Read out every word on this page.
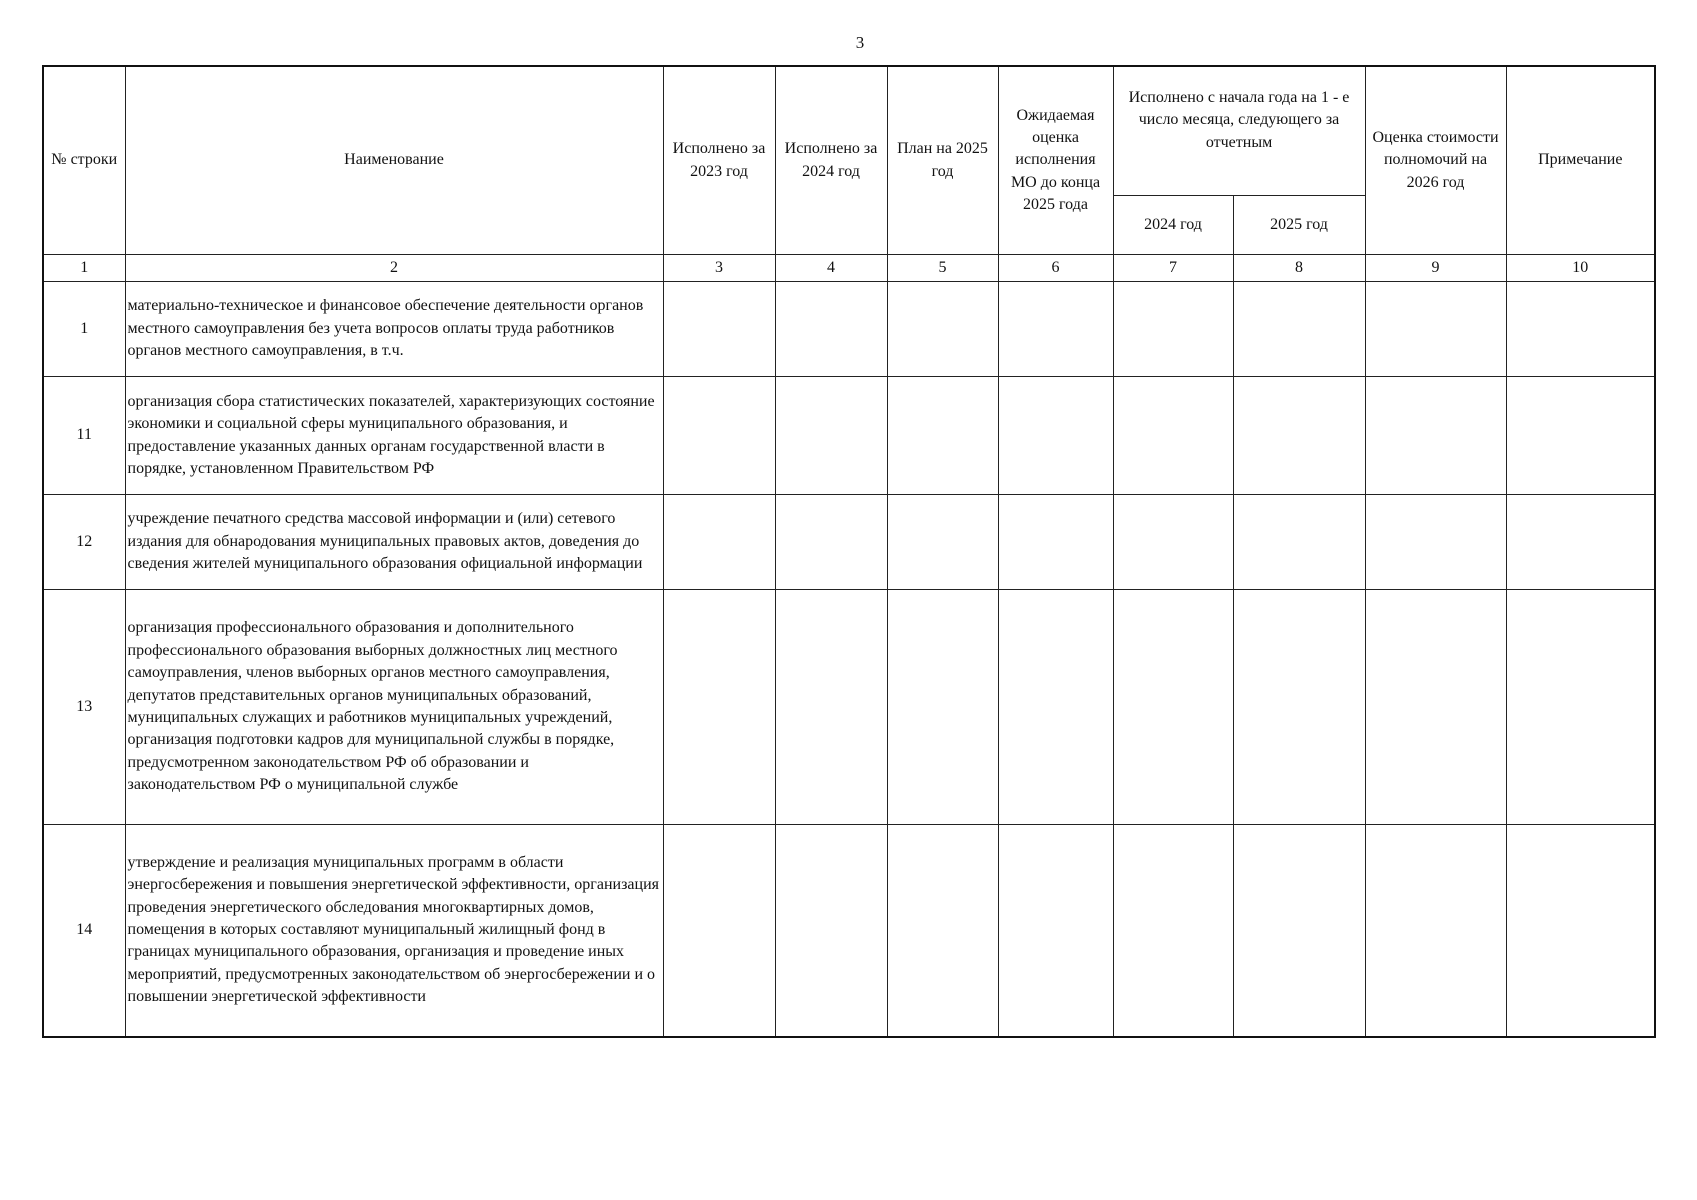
3
№ строки	Наименование	Исполнено за 2023 год	Исполнено за 2024 год	План на 2025 год	Ожидаемая оценка исполнения МО до конца 2025 года	Исполнено с начала года на 1 - е число месяца, следующего за отчетным		Оценка стоимости полномочий на 2026 год	Примечание
						2024 год	2025 год		
1	2	3	4	5	6	7	8	9	10
1	материально-техническое и финансовое обеспечение деятельности органов местного самоуправления без учета вопросов оплаты труда работников органов местного самоуправления, в т.ч.								
11	организация сбора статистических показателей, характеризующих состояние экономики и социальной сферы муниципального образования, и предоставление указанных данных органам государственной власти в порядке, установленном Правительством РФ								
12	учреждение печатного средства массовой информации и (или) сетевого издания для обнародования муниципальных правовых актов, доведения до сведения жителей муниципального образования официальной информации								
13	организация профессионального образования и дополнительного профессионального образования выборных должностных лиц местного самоуправления, членов выборных органов местного самоуправления, депутатов представительных органов муниципальных образований, муниципальных служащих и работников муниципальных учреждений, организация подготовки кадров для муниципальной службы в порядке, предусмотренном законодательством РФ об образовании и законодательством РФ о муниципальной службе								
14	утверждение и реализация муниципальных программ в области энергосбережения и повышения энергетической эффективности, организация проведения энергетического обследования многоквартирных домов, помещения в которых составляют муниципальный жилищный фонд в границах муниципального образования, организация и проведение иных мероприятий, предусмотренных законодательством об энергосбережении и о повышении энергетической эффективности								
